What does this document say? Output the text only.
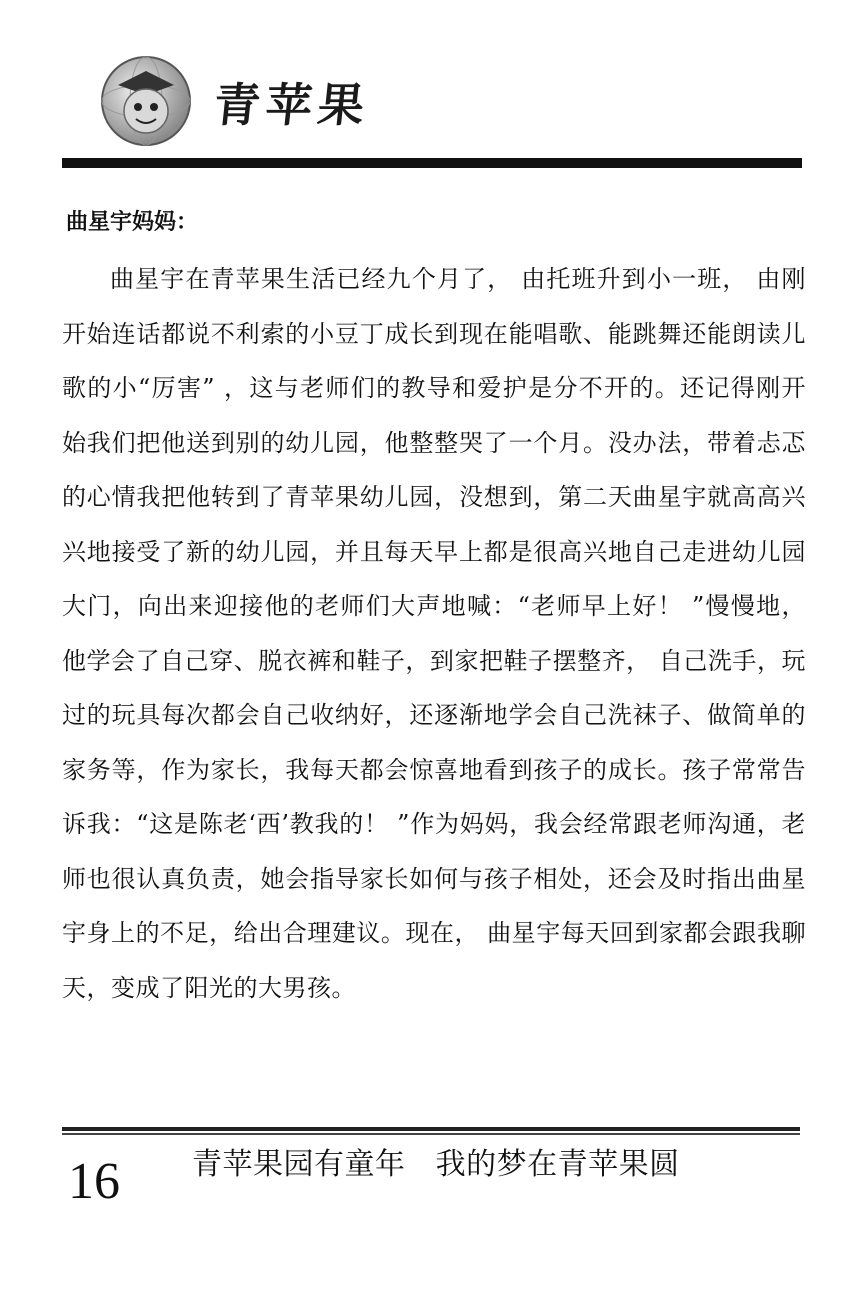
青苹果
曲星宇妈妈：

曲星宇在青苹果生活已经九个月了， 由托班升到小一班， 由刚开始连话都说不利索的小豆丁成长到现在能唱歌、能跳舞还能朗读儿歌的小“厉害” ，这与老师们的教导和爱护是分不开的。还记得刚开始我们把他送到别的幼儿园，他整整哭了一个月。没办法，带着忐忑的心情我把他转到了青苹果幼儿园，没想到，第二天曲星宇就高高兴兴地接受了新的幼儿园，并且每天早上都是很高兴地自己走进幼儿园大门，向出来迎接他的老师们大声地喊：“老师早上好！ ”慢慢地，他学会了自己穿、脱衣裤和鞋子，到家把鞋子摆整齐， 自己洗手，玩过的玩具每次都会自己收纳好，还逐渐地学会自己洗袜子、做简单的家务等，作为家长，我每天都会惊喜地看到孩子的成长。孩子常常告诉我：“这是陈老‘西’教我的！ ”作为妈妈，我会经常跟老师沟通，老师也很认真负责，她会指导家长如何与孩子相处，还会及时指出曲星宇身上的不足，给出合理建议。现在， 曲星宇每天回到家都会跟我聊天，变成了阳光的大男孩。

16 青苹果园有童年   我的梦在青苹果圆
